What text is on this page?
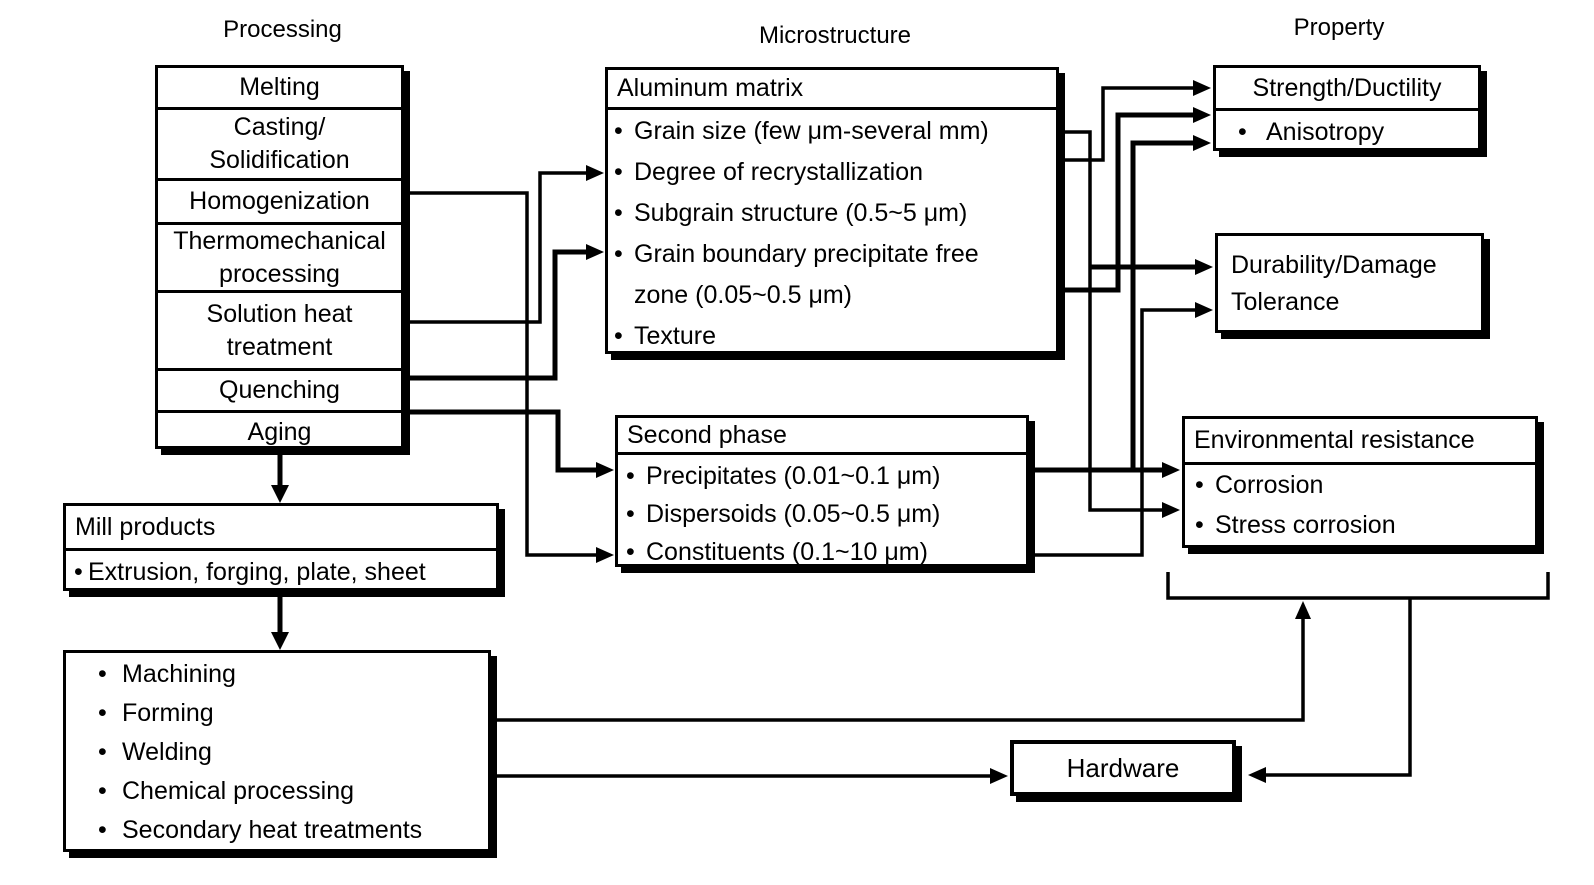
Processing	Microstructure	Property
Melting
Casting/
Solidification
Homogenization
Thermomechanical
processing
Solution heat
treatment
Quenching
Aging
Mill products
• Extrusion, forging, plate, sheet
• Machining
• Forming
• Welding
• Chemical processing
• Secondary heat treatments
Aluminum matrix
• Grain size (few μm-several mm)
• Degree of recrystallization
• Subgrain structure (0.5~5 μm)
• Grain boundary precipitate free
zone (0.05~0.5 μm)
• Texture
Second phase
• Precipitates (0.01~0.1 μm)
• Dispersoids (0.05~0.5 μm)
• Constituents (0.1~10 μm)
Strength/Ductility
• Anisotropy
Durability/Damage
Tolerance
Environmental resistance
• Corrosion
• Stress corrosion
Hardware
